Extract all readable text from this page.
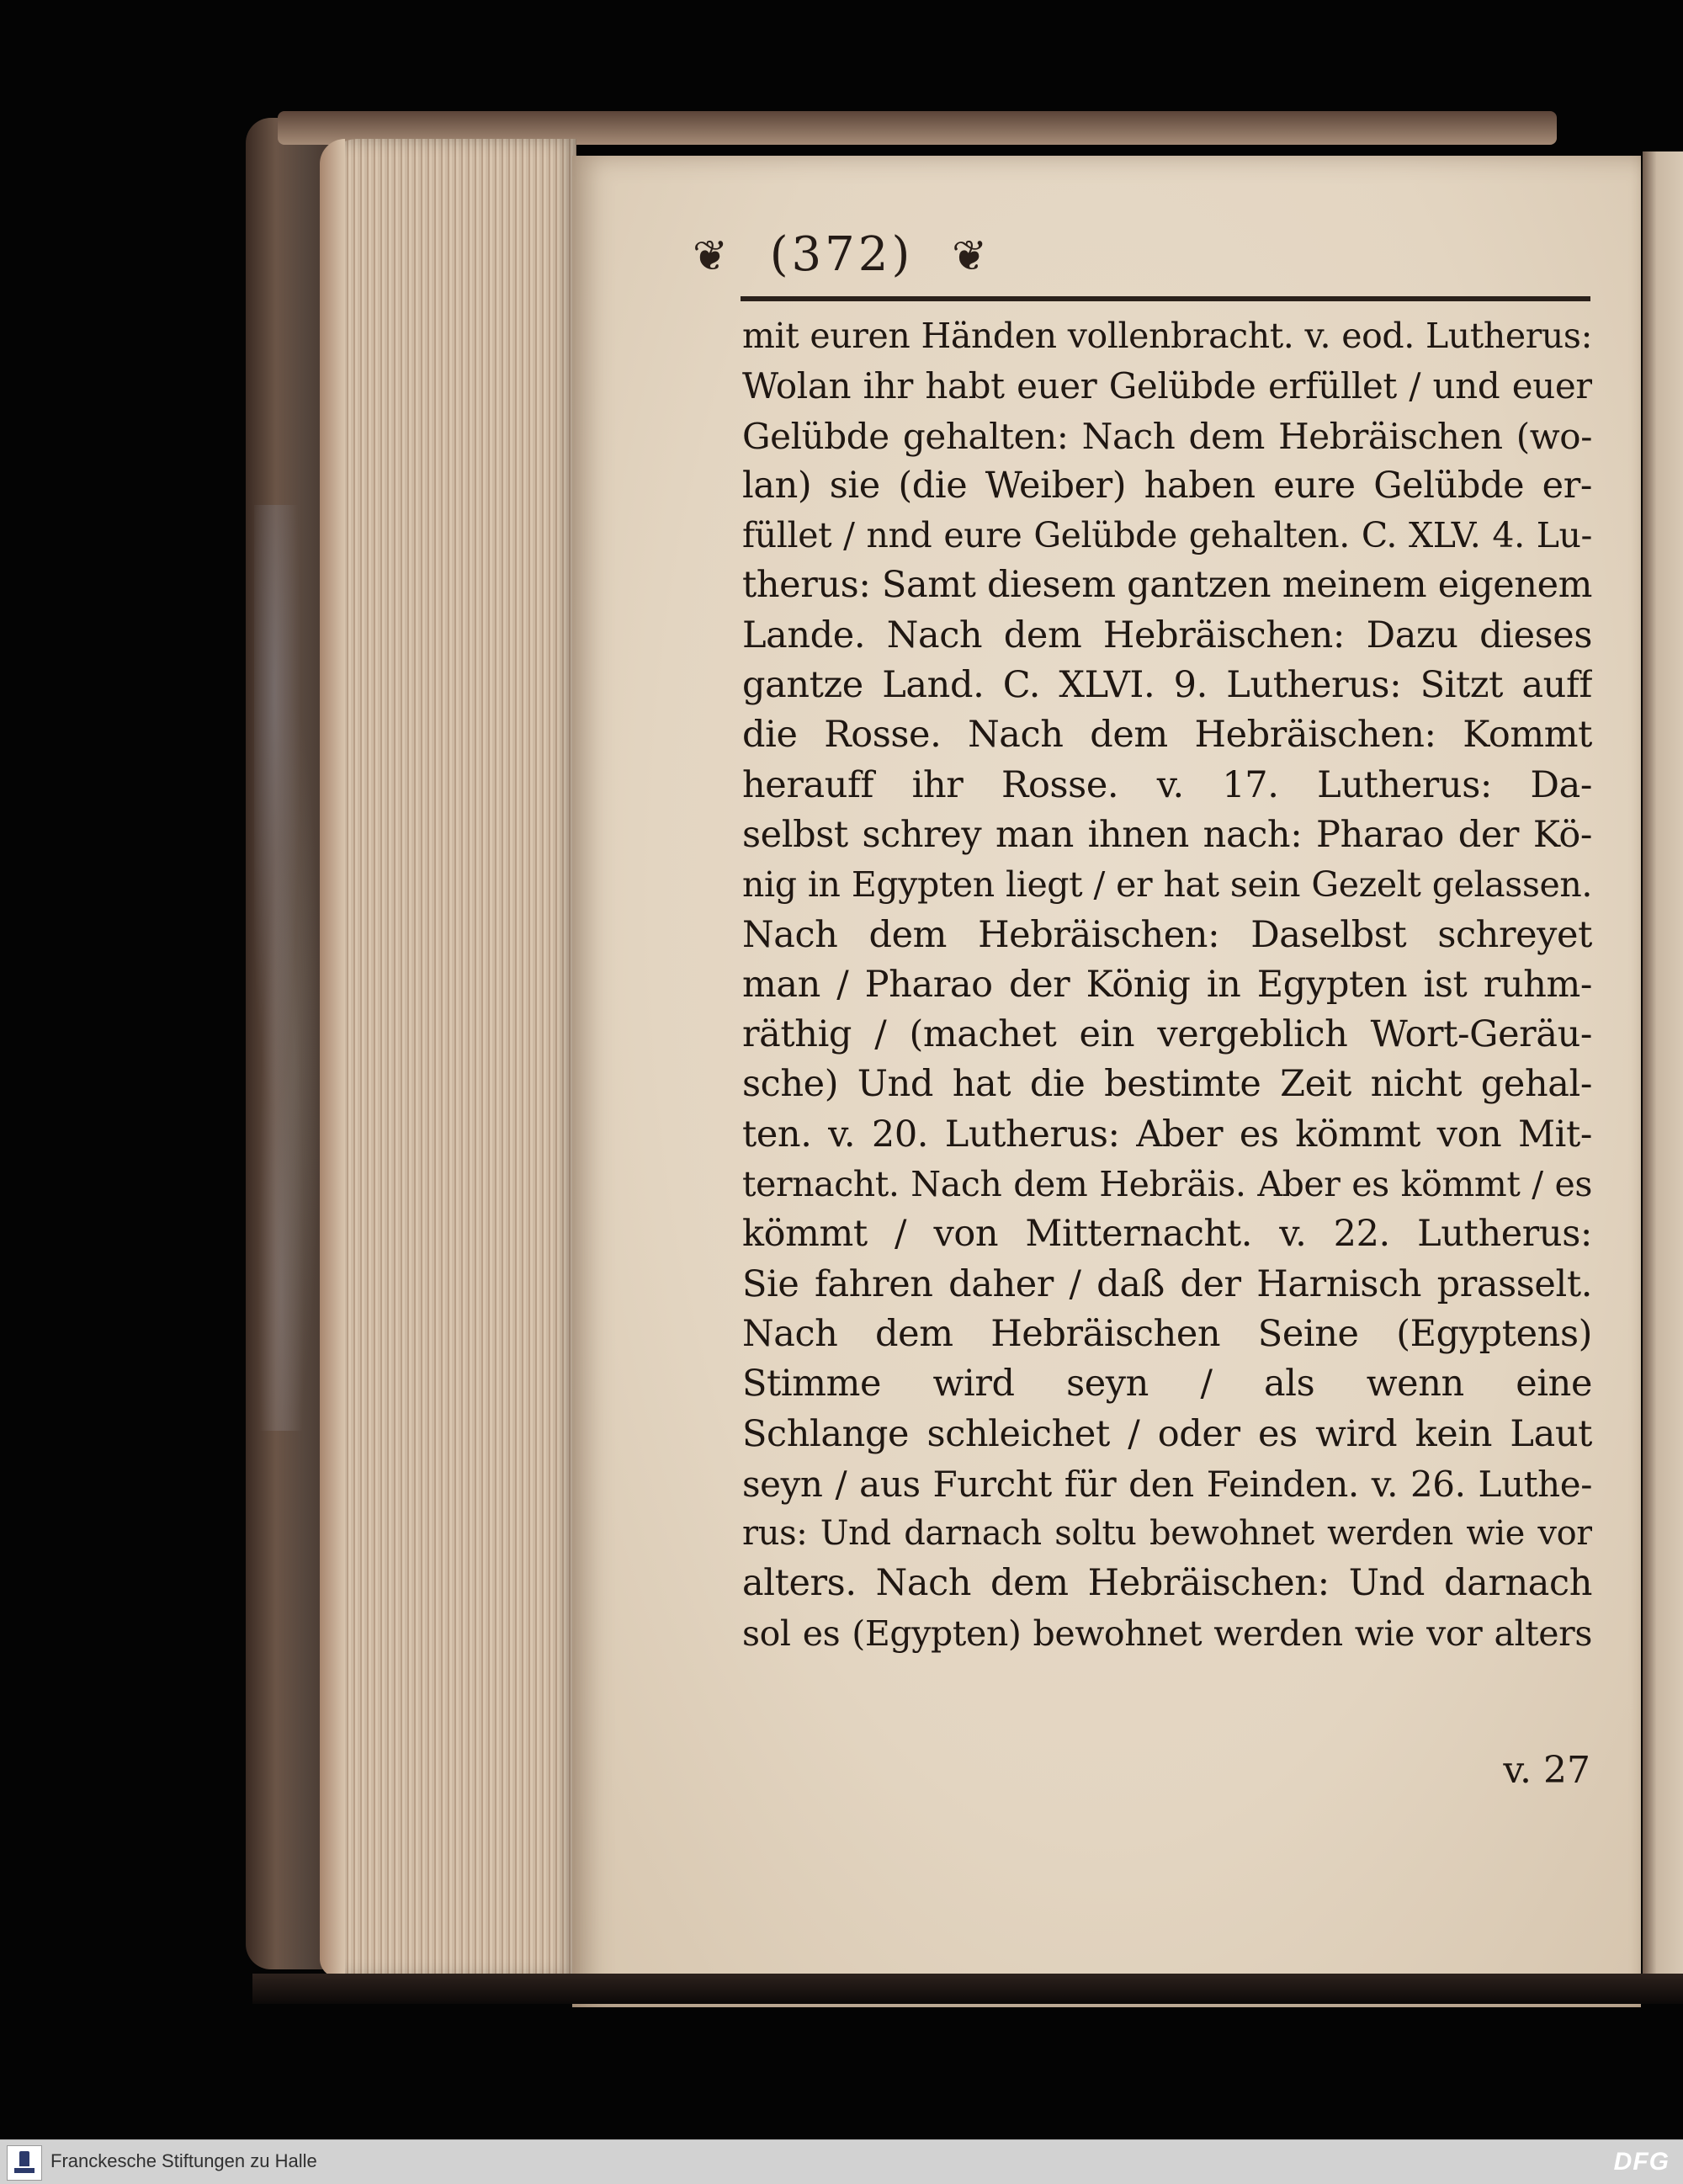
❦ (372) ❦
mit euren Händen vollenbracht. v. eod. Lutherus:
Wolan ihr habt euer Gelübde erfüllet / und euer
Gelübde gehalten: Nach dem Hebräischen (wo-
lan) sie (die Weiber) haben eure Gelübde er-
füllet / nnd eure Gelübde gehalten. C. XLV. 4. Lu-
therus: Samt diesem gantzen meinem eigenem
Lande. Nach dem Hebräischen: Dazu dieses
gantze Land. C. XLVI. 9. Lutherus: Sitzt auff
die Rosse. Nach dem Hebräischen: Kommt
herauff ihr Rosse. v. 17. Lutherus: Da-
selbst schrey man ihnen nach: Pharao der Kö-
nig in Egypten liegt / er hat sein Gezelt gelassen.
Nach dem Hebräischen: Daselbst schreyet
man / Pharao der König in Egypten ist ruhm-
räthig / (machet ein vergeblich Wort-Geräu-
sche) Und hat die bestimte Zeit nicht gehal-
ten. v. 20. Lutherus: Aber es kömmt von Mit-
ternacht. Nach dem Hebräis. Aber es kömmt / es
kömmt / von Mitternacht. v. 22. Lutherus:
Sie fahren daher / daß der Harnisch prasselt.
Nach dem Hebräischen Seine (Egyptens)
Stimme wird seyn / als wenn eine
Schlange schleichet / oder es wird kein Laut
seyn / aus Furcht für den Feinden. v. 26. Luthe-
rus: Und darnach soltu bewohnet werden wie vor
alters. Nach dem Hebräischen: Und darnach
sol es (Egypten) bewohnet werden wie vor alters
v. 27
Franckesche Stiftungen zu Halle	DFG
